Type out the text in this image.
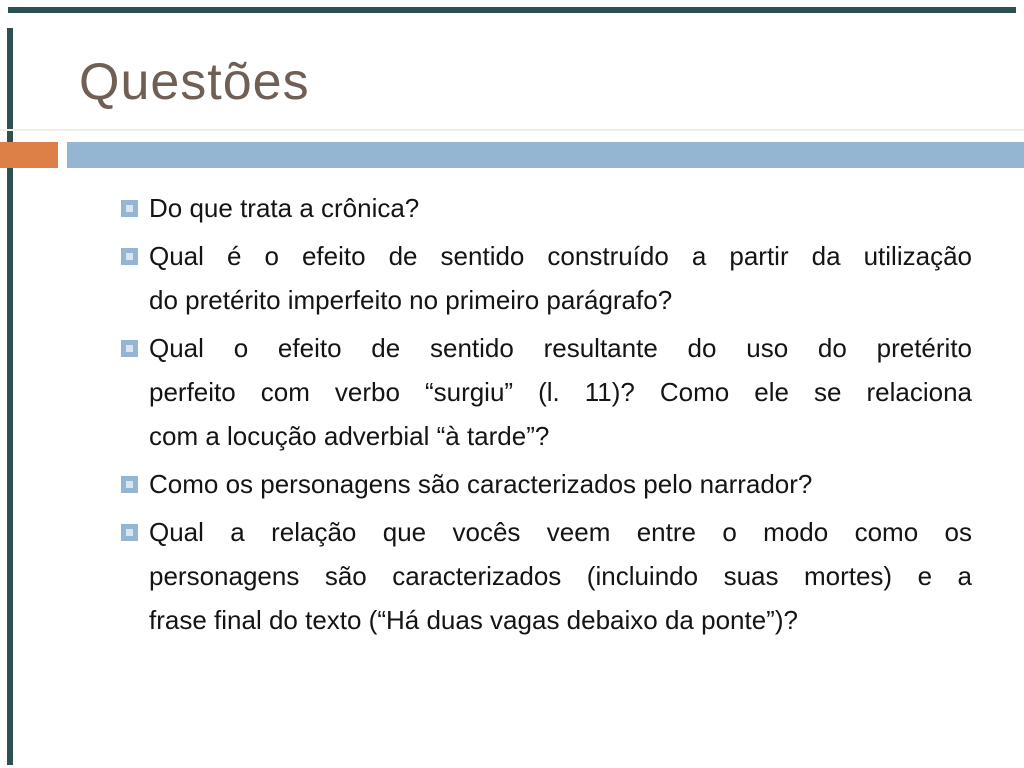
Questões
Do que trata a crônica?
Qual é o efeito de sentido construído a partir da utilização
do pretérito imperfeito no primeiro parágrafo?
Qual o efeito de sentido resultante do uso do pretérito
perfeito com verbo “surgiu” (l. 11)? Como ele se relaciona
com a locução adverbial “à tarde”?
Como os personagens são caracterizados pelo narrador?
Qual a relação que vocês veem entre o modo como os
personagens são caracterizados (incluindo suas mortes) e a
frase final do texto (“Há duas vagas debaixo da ponte”)?
